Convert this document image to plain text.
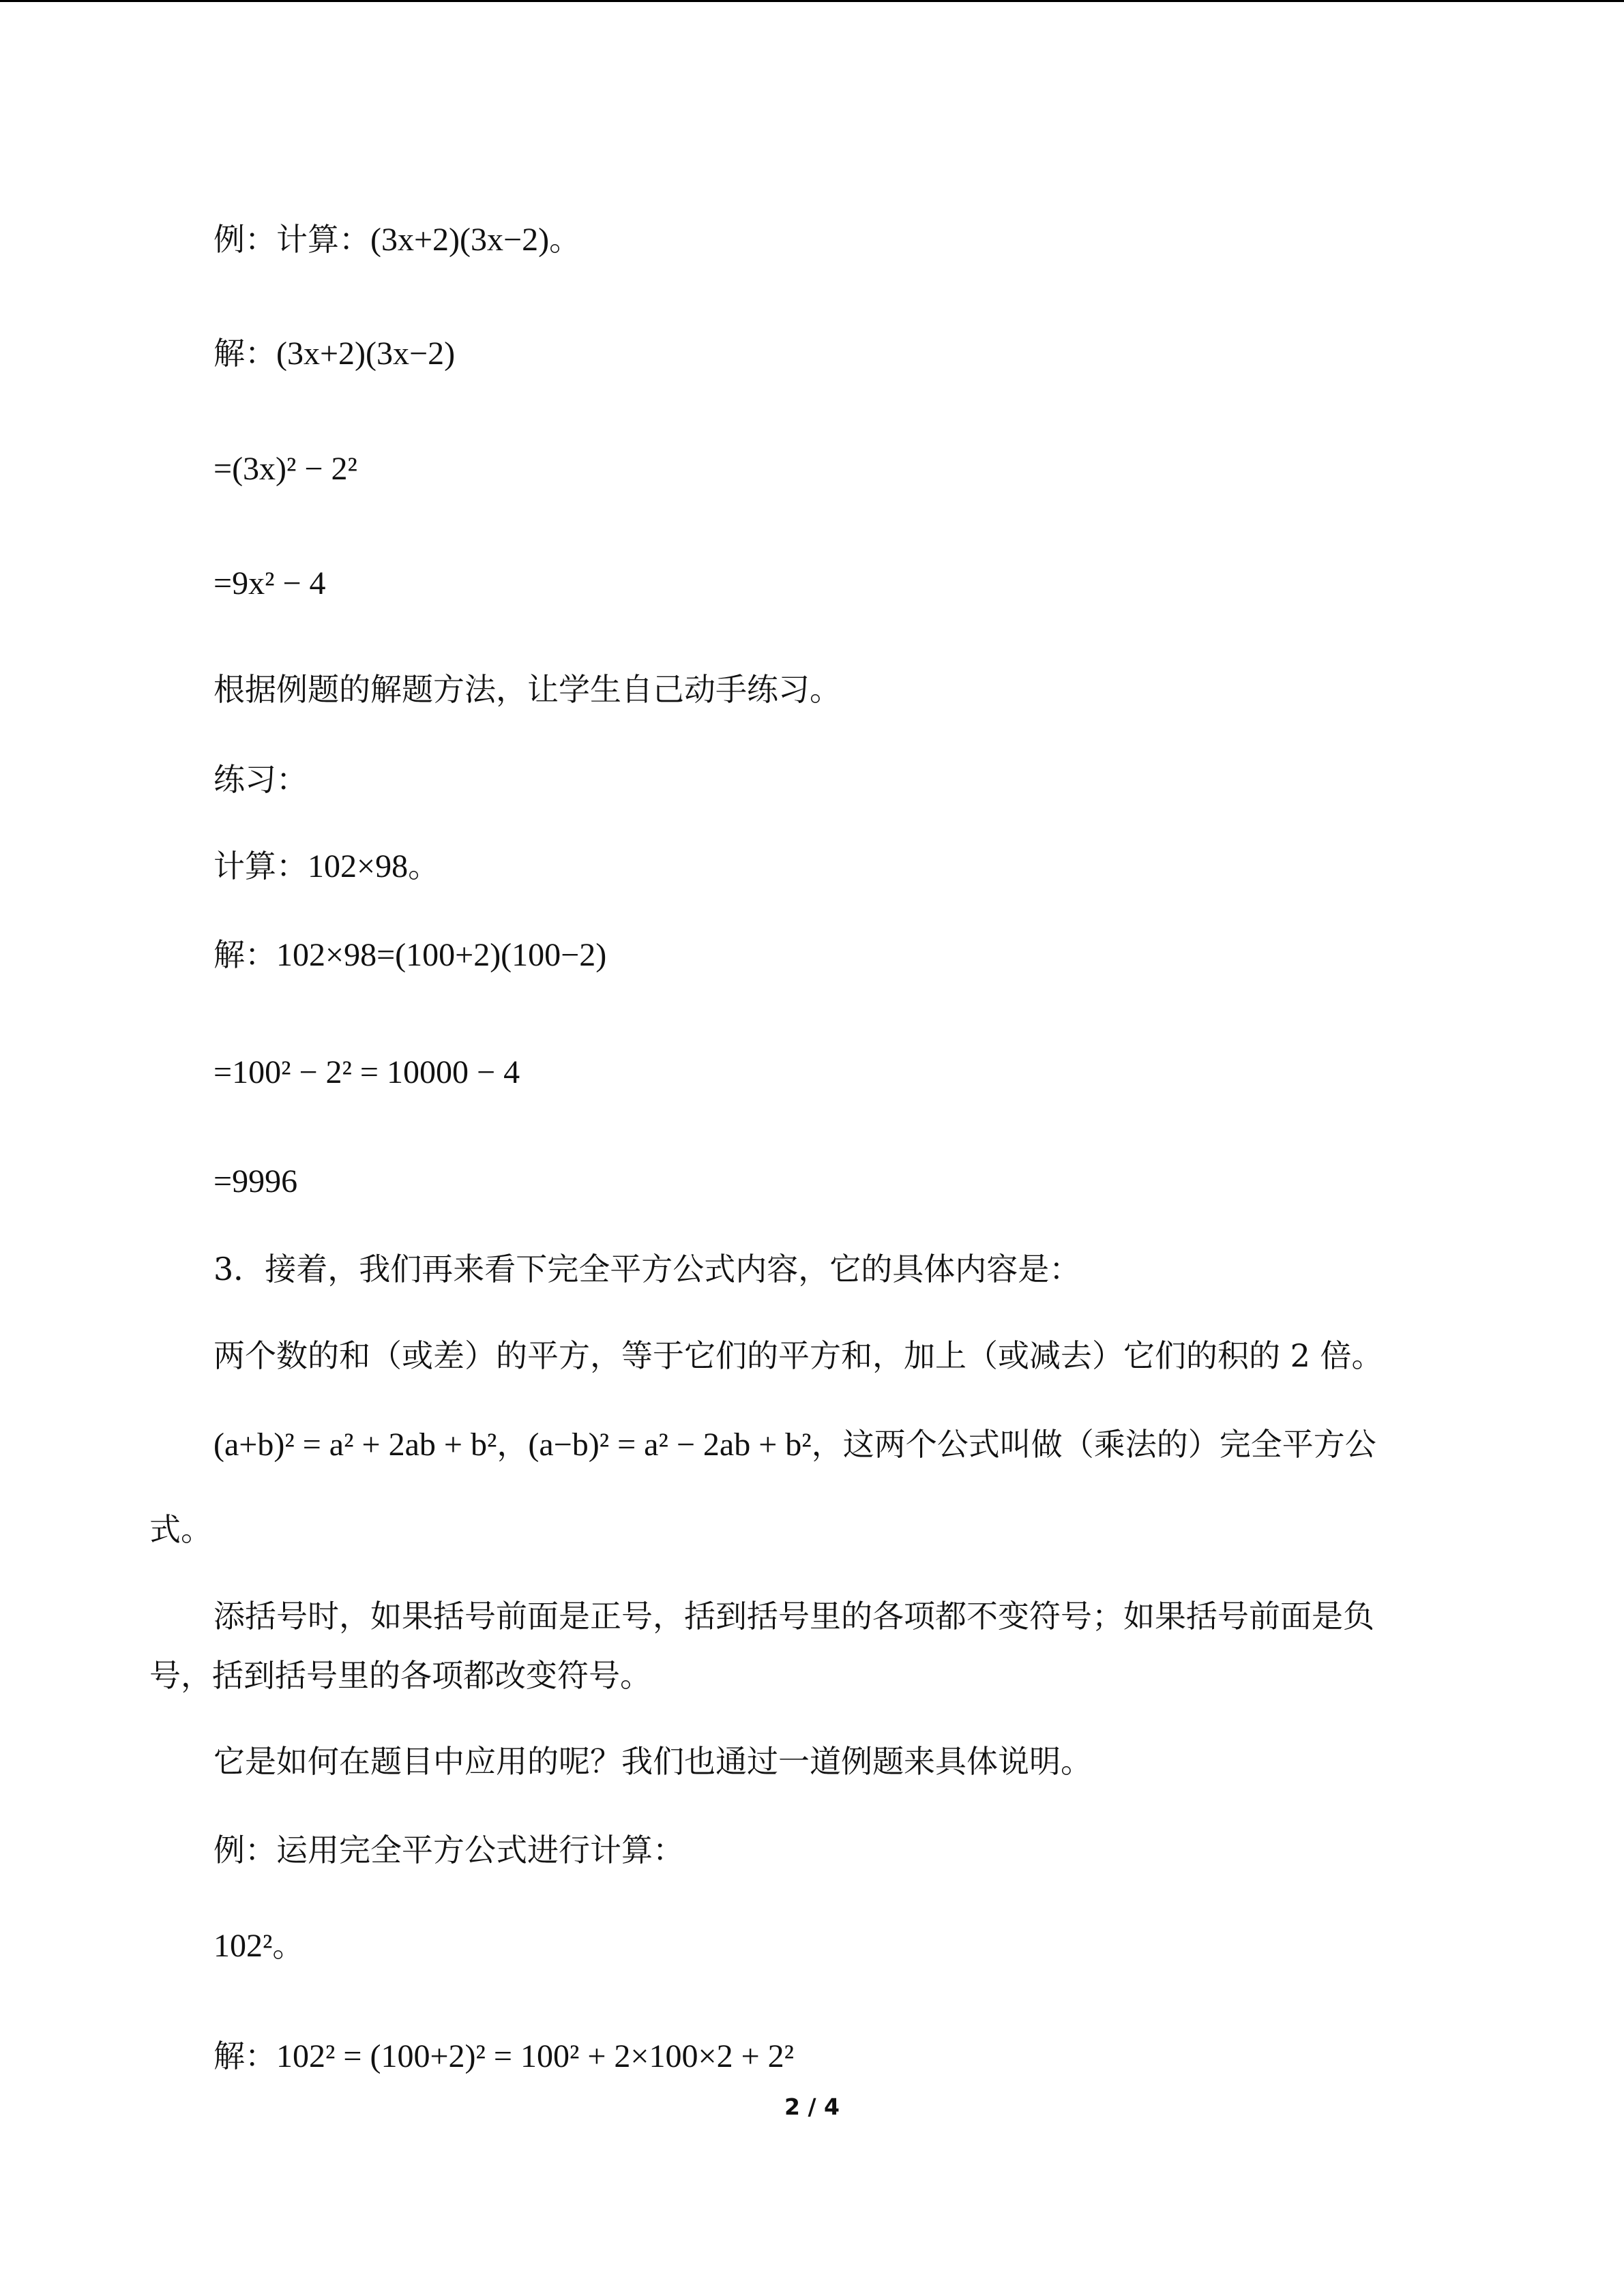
例：计算：(3x+2)(3x−2)。
解：(3x+2)(3x−2)
=(3x)² − 2²
=9x² − 4
根据例题的解题方法，让学生自己动手练习。
练习：
计算：102×98。
解：102×98=(100+2)(100−2)
=100² − 2² = 10000 − 4
=9996
3．接着，我们再来看下完全平方公式内容，它的具体内容是：
两个数的和（或差）的平方，等于它们的平方和，加上（或减去）它们的积的 2 倍。
(a+b)² = a² + 2ab + b²，(a−b)² = a² − 2ab + b²，这两个公式叫做（乘法的）完全平方公
式。
添括号时，如果括号前面是正号，括到括号里的各项都不变符号；如果括号前面是负
号，括到括号里的各项都改变符号。
它是如何在题目中应用的呢？我们也通过一道例题来具体说明。
例：运用完全平方公式进行计算：
102²。
解：102² = (100+2)² = 100² + 2×100×2 + 2²
2 / 4
